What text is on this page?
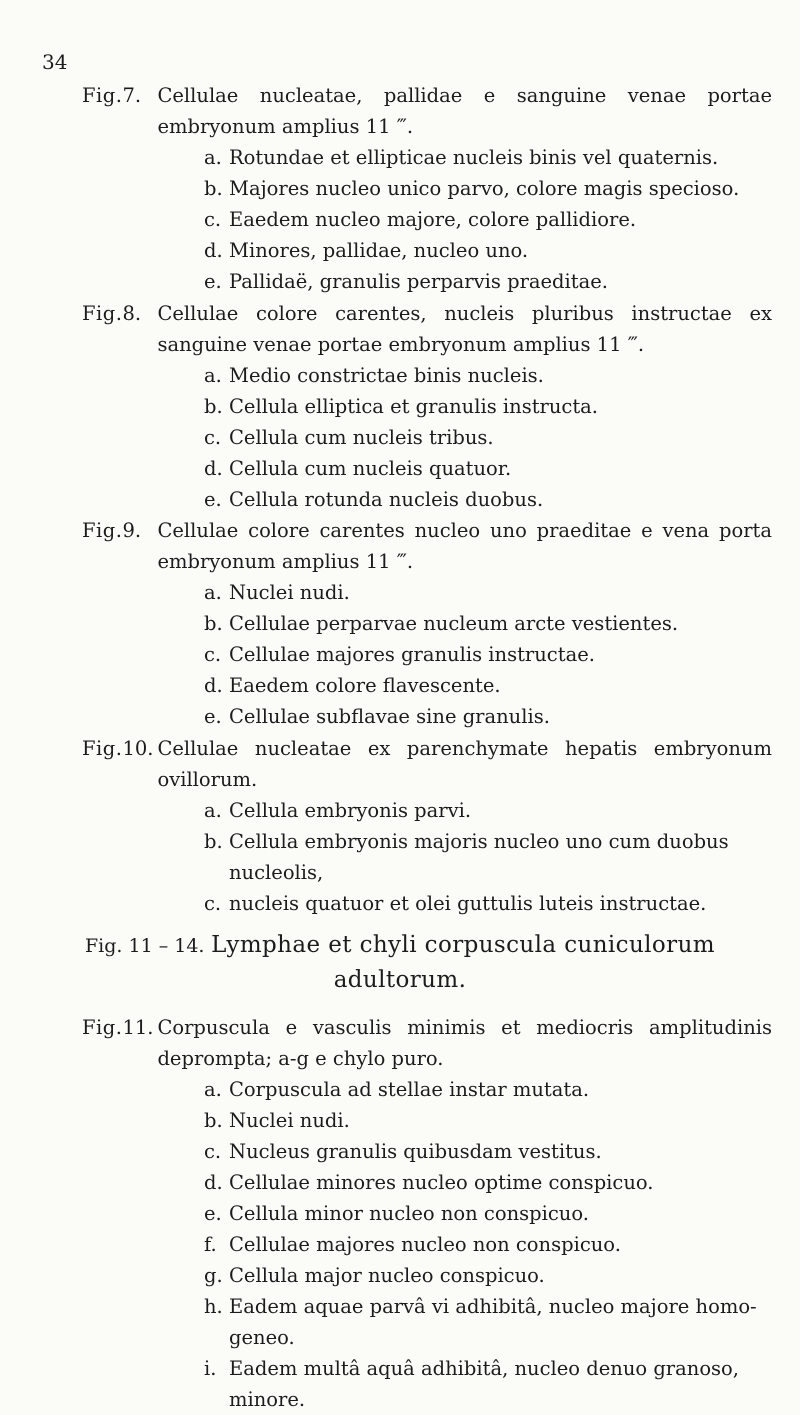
34
Fig. 7. Cellulae nucleatae, pallidae e sanguine venae portae embryonum amplius 11 ‴.
a. Rotundae et ellipticae nucleis binis vel quaternis.
b. Majores nucleo unico parvo, colore magis specioso.
c. Eaedem nucleo majore, colore pallidiore.
d. Minores, pallidae, nucleo uno.
e. Pallidaë, granulis perparvis praeditae.
Fig. 8. Cellulae colore carentes, nucleis pluribus instructae ex sanguine venae portae embryonum amplius 11 ‴.
a. Medio constrictae binis nucleis.
b. Cellula elliptica et granulis instructa.
c. Cellula cum nucleis tribus.
d. Cellula cum nucleis quatuor.
e. Cellula rotunda nucleis duobus.
Fig. 9. Cellulae colore carentes nucleo uno praeditae e vena porta embryonum amplius 11 ‴.
a. Nuclei nudi.
b. Cellulae perparvae nucleum arcte vestientes.
c. Cellulae majores granulis instructae.
d. Eaedem colore flavescente.
e. Cellulae subflavae sine granulis.
Fig. 10. Cellulae nucleatae ex parenchymate hepatis embryonum ovillorum.
a. Cellula embryonis parvi.
b. Cellula embryonis majoris nucleo uno cum duobus
nucleolis,
c. nucleis quatuor et olei guttulis luteis instructae.
Fig. 11 – 14. Lymphae et chyli corpuscula cuniculorum
adultorum.
Fig. 11. Corpuscula e vasculis minimis et mediocris amplitudinis deprompta; a-g e chylo puro.
a. Corpuscula ad stellae instar mutata.
b. Nuclei nudi.
c. Nucleus granulis quibusdam vestitus.
d. Cellulae minores nucleo optime conspicuo.
e. Cellula minor nucleo non conspicuo.
f. Cellulae majores nucleo non conspicuo.
g. Cellula major nucleo conspicuo.
h. Eadem aquae parvâ vi adhibitâ, nucleo majore homo-
geneo.
i. Eadem multâ aquâ adhibitâ, nucleo denuo granoso, minore.
